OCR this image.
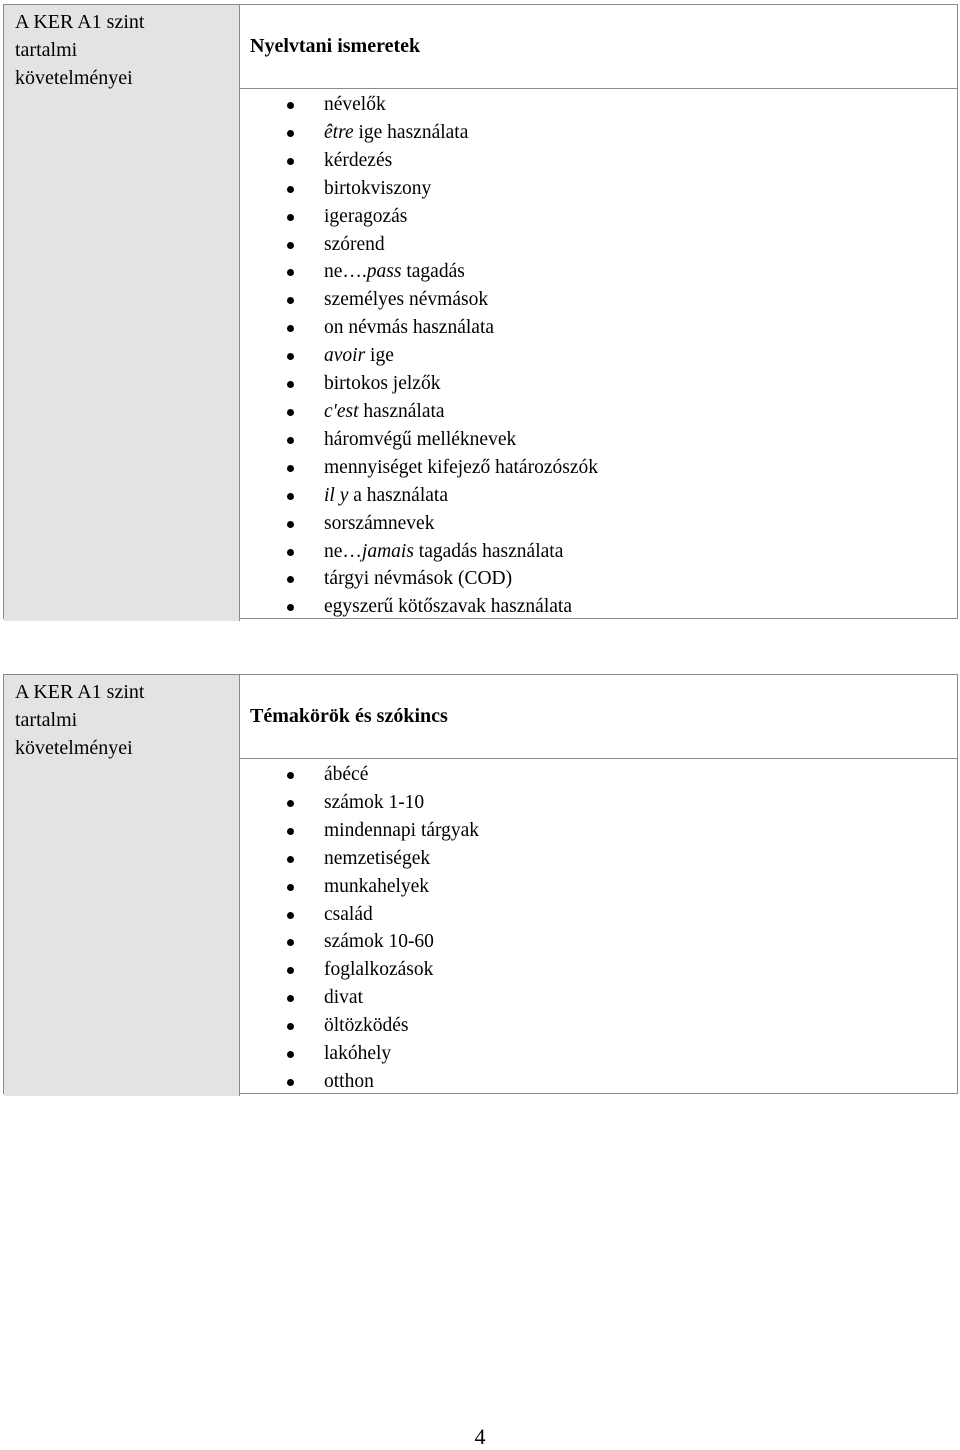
A KER A1 szint
tartalmi
követelményei

Nyelvtani ismeretek
névelők
être ige használata
kérdezés
birtokviszony
igeragozás
szórend
ne….pass tagadás
személyes névmások
on névmás használata
avoir ige
birtokos jelzők
c'est használata
háromvégű melléknevek
mennyiséget kifejező határozószók
il y a használata
sorszámnevek
ne…jamais tagadás használata
tárgyi névmások (COD)
egyszerű kötőszavak használata

A KER A1 szint
tartalmi
követelményei

Témakörök és szókincs
ábécé
számok 1-10
mindennapi tárgyak
nemzetiségek
munkahelyek
család
számok 10-60
foglalkozások
divat
öltözködés
lakóhely
otthon

4
